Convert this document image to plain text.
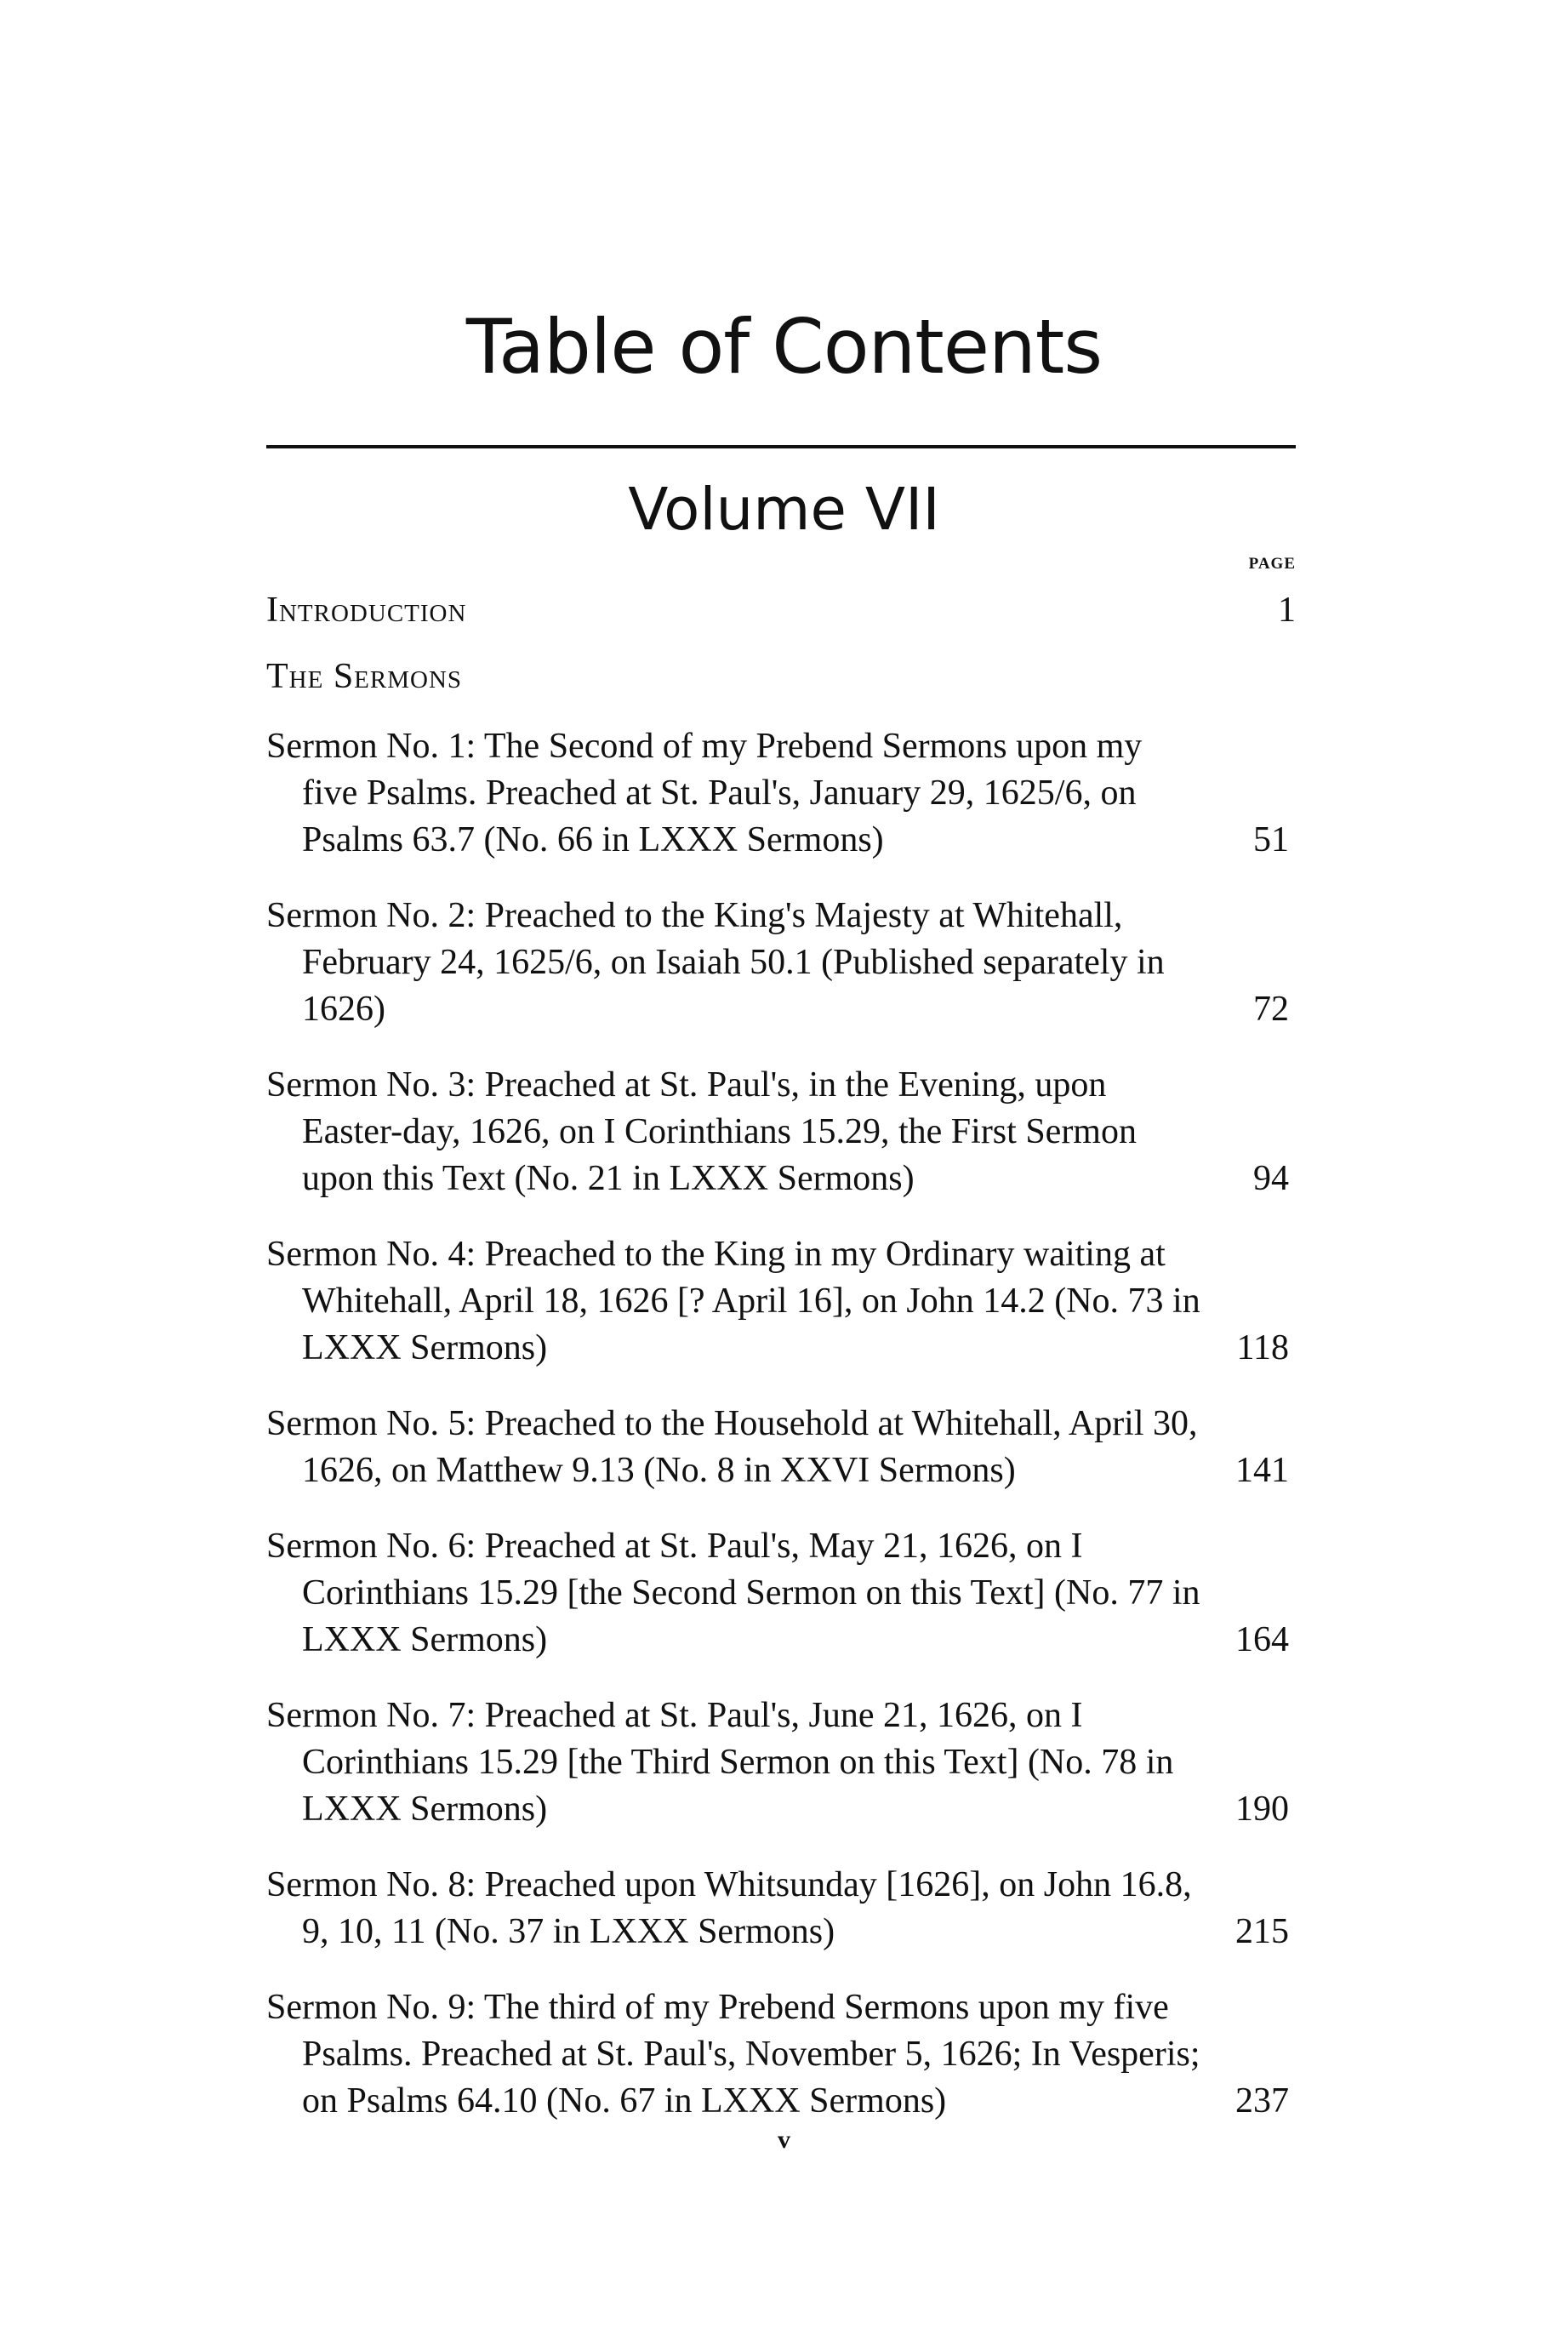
Table of Contents
Volume VII
PAGE
Introduction	1
The Sermons
Sermon No. 1: The Second of my Prebend Sermons upon my five Psalms. Preached at St. Paul's, January 29, 1625/6, on Psalms 63.7 (No. 66 in LXXX Sermons)	51
Sermon No. 2: Preached to the King's Majesty at Whitehall, February 24, 1625/6, on Isaiah 50.1 (Published separately in 1626)	72
Sermon No. 3: Preached at St. Paul's, in the Evening, upon Easter-day, 1626, on I Corinthians 15.29, the First Sermon upon this Text (No. 21 in LXXX Sermons)	94
Sermon No. 4: Preached to the King in my Ordinary waiting at Whitehall, April 18, 1626 [? April 16], on John 14.2 (No. 73 in LXXX Sermons)	118
Sermon No. 5: Preached to the Household at Whitehall, April 30, 1626, on Matthew 9.13 (No. 8 in XXVI Sermons)	141
Sermon No. 6: Preached at St. Paul's, May 21, 1626, on I Corinthians 15.29 [the Second Sermon on this Text] (No. 77 in LXXX Sermons)	164
Sermon No. 7: Preached at St. Paul's, June 21, 1626, on I Corinthians 15.29 [the Third Sermon on this Text] (No. 78 in LXXX Sermons)	190
Sermon No. 8: Preached upon Whitsunday [1626], on John 16.8, 9, 10, 11 (No. 37 in LXXX Sermons)	215
Sermon No. 9: The third of my Prebend Sermons upon my five Psalms. Preached at St. Paul's, November 5, 1626; In Vesperis; on Psalms 64.10 (No. 67 in LXXX Sermons)	237
v
